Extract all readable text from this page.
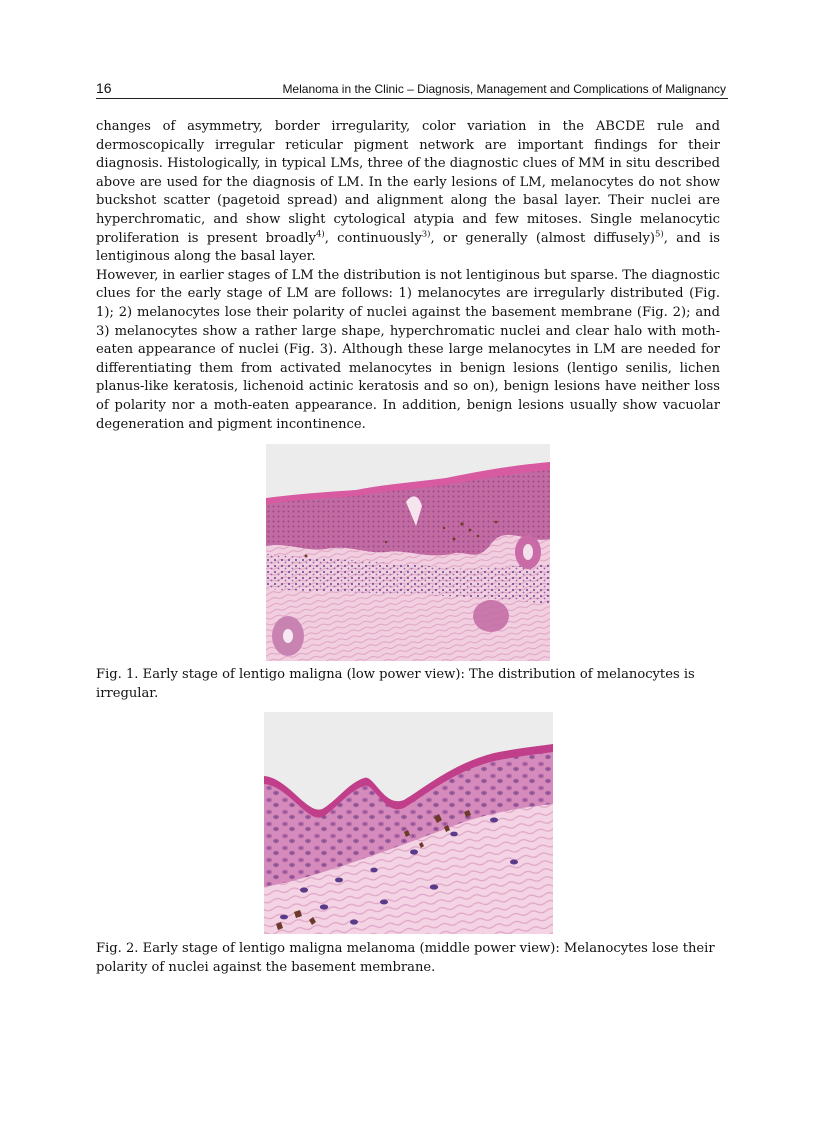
16	Melanoma in the Clinic – Diagnosis, Management and Complications of Malignancy

changes of asymmetry, border irregularity, color variation in the ABCDE rule and dermoscopically irregular reticular pigment network are important findings for their diagnosis. Histologically, in typical LMs, three of the diagnostic clues of MM in situ described above are used for the diagnosis of LM. In the early lesions of LM, melanocytes do not show buckshot scatter (pagetoid spread) and alignment along the basal layer. Their nuclei are hyperchromatic, and show slight cytological atypia and few mitoses. Single melanocytic proliferation is present broadly$^{4)}$, continuously$^{3)}$, or generally (almost diffusely)$^{5)}$, and is lentiginous along the basal layer.

However, in earlier stages of LM the distribution is not lentiginous but sparse. The diagnostic clues for the early stage of LM are follows: 1) melanocytes are irregularly distributed (Fig. 1); 2) melanocytes lose their polarity of nuclei against the basement membrane (Fig. 2); and 3) melanocytes show a rather large shape, hyperchromatic nuclei and clear halo with moth-eaten appearance of nuclei (Fig. 3). Although these large melanocytes in LM are needed for differentiating them from activated melanocytes in benign lesions (lentigo senilis, lichen planus-like keratosis, lichenoid actinic keratosis and so on), benign lesions have neither loss of polarity nor a moth-eaten appearance. In addition, benign lesions usually show vacuolar degeneration and pigment incontinence.

Fig. 1. Early stage of lentigo maligna (low power view): The distribution of melanocytes is irregular.
Fig. 2. Early stage of lentigo maligna melanoma (middle power view): Melanocytes lose their polarity of nuclei against the basement membrane.
